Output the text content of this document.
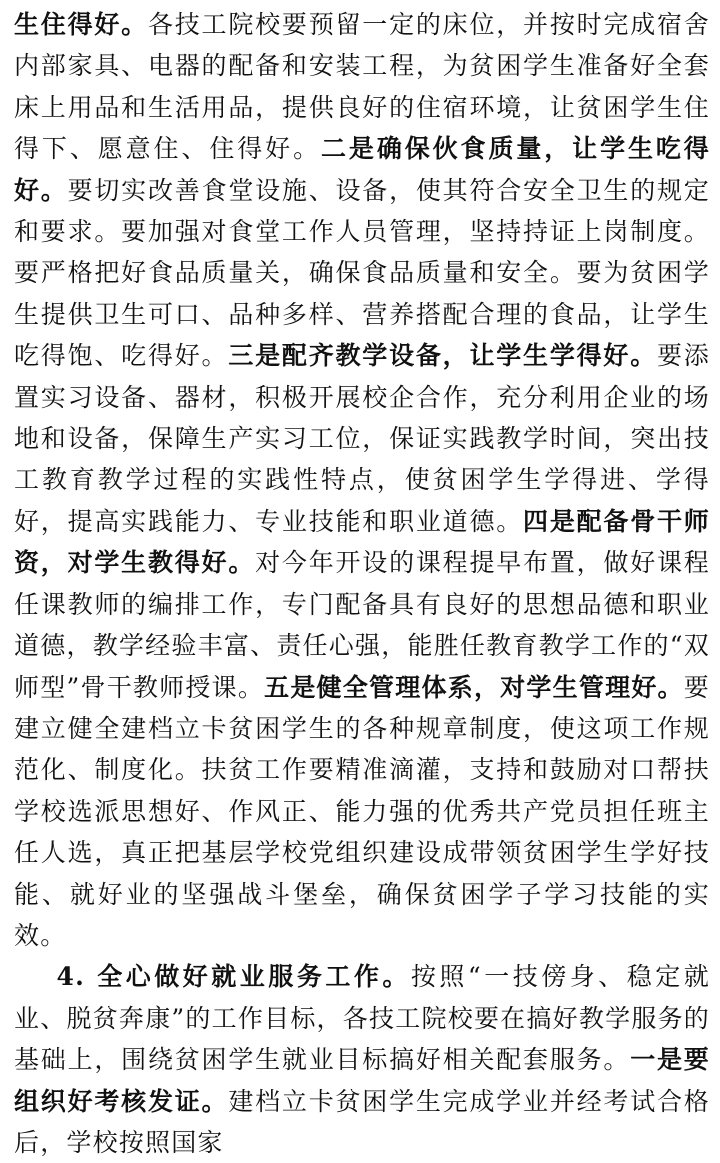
生住得好。各技工院校要预留一定的床位，并按时完成宿舍内部家具、电器的配备和安装工程，为贫困学生准备好全套床上用品和生活用品，提供良好的住宿环境，让贫困学生住得下、愿意住、住得好。二是确保伙食质量，让学生吃得好。要切实改善食堂设施、设备，使其符合安全卫生的规定和要求。要加强对食堂工作人员管理，坚持持证上岗制度。要严格把好食品质量关，确保食品质量和安全。要为贫困学生提供卫生可口、品种多样、营养搭配合理的食品，让学生吃得饱、吃得好。三是配齐教学设备，让学生学得好。要添置实习设备、器材，积极开展校企合作，充分利用企业的场地和设备，保障生产实习工位，保证实践教学时间，突出技工教育教学过程的实践性特点，使贫困学生学得进、学得好，提高实践能力、专业技能和职业道德。四是配备骨干师资，对学生教得好。对今年开设的课程提早布置，做好课程任课教师的编排工作，专门配备具有良好的思想品德和职业道德，教学经验丰富、责任心强，能胜任教育教学工作的“双师型”骨干教师授课。五是健全管理体系，对学生管理好。要建立健全建档立卡贫困学生的各种规章制度，使这项工作规范化、制度化。扶贫工作要精准滴灌，支持和鼓励对口帮扶学校选派思想好、作风正、能力强的优秀共产党员担任班主任人选，真正把基层学校党组织建设成带领贫困学生学好技能、就好业的坚强战斗堡垒，确保贫困学子学习技能的实效。

4. 全心做好就业服务工作。按照“一技傍身、稳定就业、脱贫奔康”的工作目标，各技工院校要在搞好教学服务的基础上，围绕贫困学生就业目标搞好相关配套服务。一是要组织好考核发证。建档立卡贫困学生完成学业并经考试合格后，学校按照国家
